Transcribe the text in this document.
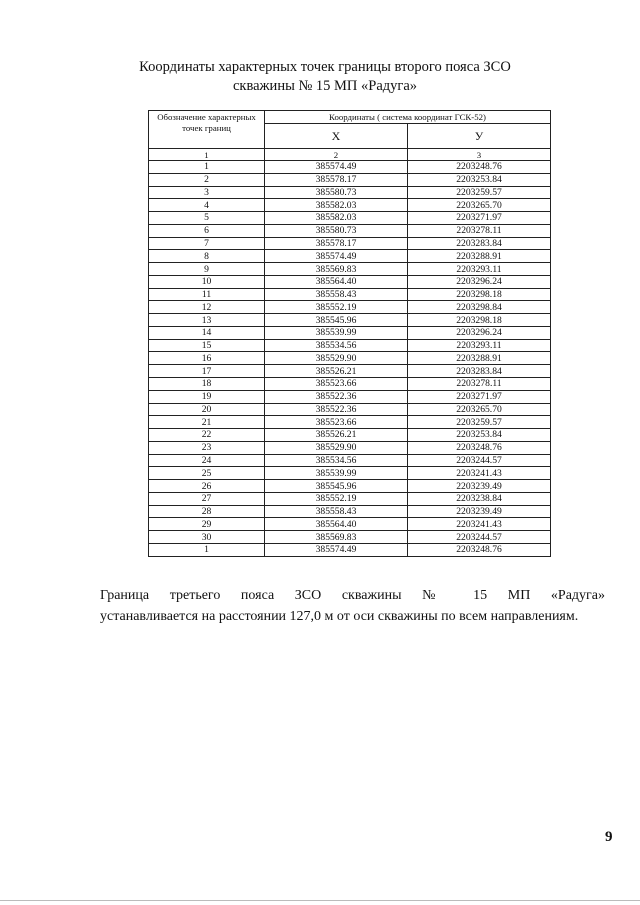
Координаты характерных точек границы второго пояса ЗСО
скважины № 15 МП «Радуга»
Обозначение характерных точек границ	Координаты ( система координат ГСК-52)	
	Х	У
1	2	3
1	385574.49	2203248.76
2	385578.17	2203253.84
3	385580.73	2203259.57
4	385582.03	2203265.70
5	385582.03	2203271.97
6	385580.73	2203278.11
7	385578.17	2203283.84
8	385574.49	2203288.91
9	385569.83	2203293.11
10	385564.40	2203296.24
11	385558.43	2203298.18
12	385552.19	2203298.84
13	385545.96	2203298.18
14	385539.99	2203296.24
15	385534.56	2203293.11
16	385529.90	2203288.91
17	385526.21	2203283.84
18	385523.66	2203278.11
19	385522.36	2203271.97
20	385522.36	2203265.70
21	385523.66	2203259.57
22	385526.21	2203253.84
23	385529.90	2203248.76
24	385534.56	2203244.57
25	385539.99	2203241.43
26	385545.96	2203239.49
27	385552.19	2203238.84
28	385558.43	2203239.49
29	385564.40	2203241.43
30	385569.83	2203244.57
1	385574.49	2203248.76
Граница третьего пояса ЗСО скважины № 15 МП «Радуга»
устанавливается на расстоянии 127,0 м от оси скважины по всем направлениям.
9
